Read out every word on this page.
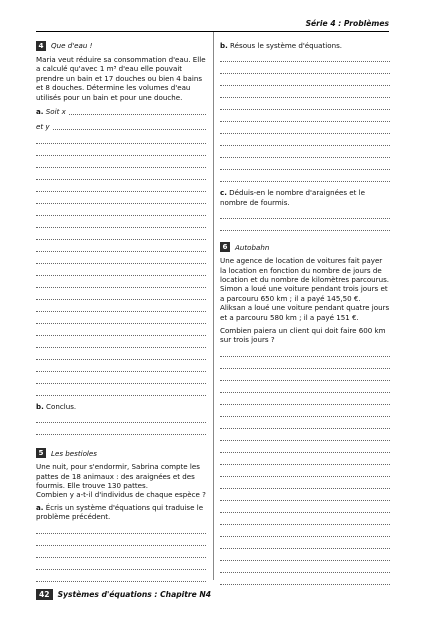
Série 4 : Problèmes
4	Que d'eau !

Maria veut réduire sa consommation d'eau. Elle a calculé qu'avec 1 m³ d'eau elle pouvait prendre un bain et 17 douches ou bien 4 bains et 8 douches. Détermine les volumes d'eau utilisés pour un bain et pour une douche.

a.
Soit x
et y
b. Conclus.
5	Les bestioles

Une nuit, pour s'endormir, Sabrina compte les pattes de 18 animaux : des araignées et des fourmis. Elle trouve 130 pattes.

Combien y a-t-il d'individus de chaque espèce ?

a. Écris un système d'équations qui traduise le problème précédent.
b. Résous le système d'équations.
c. Déduis-en le nombre d'araignées et le nombre de fourmis.
6	Autobahn

Une agence de location de voitures fait payer la location en fonction du nombre de jours de location et du nombre de kilomètres parcourus.

Simon a loué une voiture pendant trois jours et a parcouru 650 km ; il a payé 145,50 €.

Aliksan a loué une voiture pendant quatre jours et a parcouru 580 km ; il a payé 151 €.

Combien paiera un client qui doit faire 600 km sur trois jours ?

42	Systèmes d'équations : Chapitre N4
